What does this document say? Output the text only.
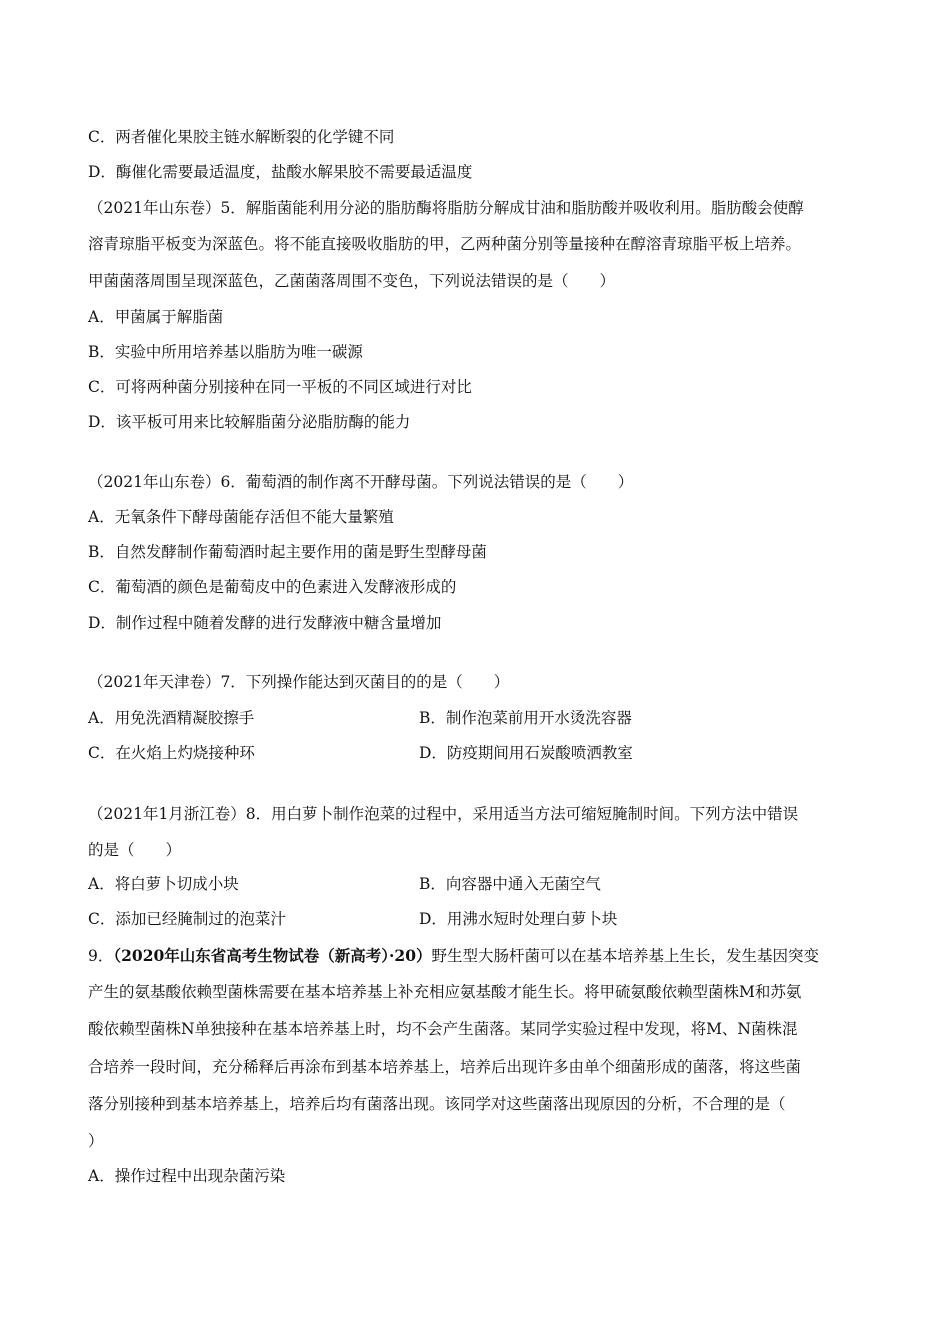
C．两者催化果胶主链水解断裂的化学键不同
D．酶催化需要最适温度，盐酸水解果胶不需要最适温度
（2021年山东卷）5．解脂菌能利用分泌的脂肪酶将脂肪分解成甘油和脂肪酸并吸收利用。脂肪酸会使醇
溶青琼脂平板变为深蓝色。将不能直接吸收脂肪的甲，乙两种菌分别等量接种在醇溶青琼脂平板上培养。
甲菌菌落周围呈现深蓝色，乙菌菌落周围不变色，下列说法错误的是（　　）
A．甲菌属于解脂菌
B．实验中所用培养基以脂肪为唯一碳源
C．可将两种菌分别接种在同一平板的不同区域进行对比
D．该平板可用来比较解脂菌分泌脂肪酶的能力
（2021年山东卷）6．葡萄酒的制作离不开酵母菌。下列说法错误的是（　　）
A．无氧条件下酵母菌能存活但不能大量繁殖
B．自然发酵制作葡萄酒时起主要作用的菌是野生型酵母菌
C．葡萄酒的颜色是葡萄皮中的色素进入发酵液形成的
D．制作过程中随着发酵的进行发酵液中糖含量增加
（2021年天津卷）7．下列操作能达到灭菌目的的是（　　）
A．用免洗酒精凝胶擦手	B．制作泡菜前用开水烫洗容器
C．在火焰上灼烧接种环	D．防疫期间用石炭酸喷洒教室
（2021年1月浙江卷）8．用白萝卜制作泡菜的过程中，采用适当方法可缩短腌制时间。下列方法中错误
的是（　　）
A．将白萝卜切成小块	B．向容器中通入无菌空气
C．添加已经腌制过的泡菜汁	D．用沸水短时处理白萝卜块
9．（2020年山东省高考生物试卷（新高考）·20）野生型大肠杆菌可以在基本培养基上生长，发生基因突变
产生的氨基酸依赖型菌株需要在基本培养基上补充相应氨基酸才能生长。将甲硫氨酸依赖型菌株M和苏氨
酸依赖型菌株N单独接种在基本培养基上时，均不会产生菌落。某同学实验过程中发现，将M、N菌株混
合培养一段时间，充分稀释后再涂布到基本培养基上，培养后出现许多由单个细菌形成的菌落，将这些菌
落分别接种到基本培养基上，培养后均有菌落出现。该同学对这些菌落出现原因的分析，不合理的是（
）
A．操作过程中出现杂菌污染
